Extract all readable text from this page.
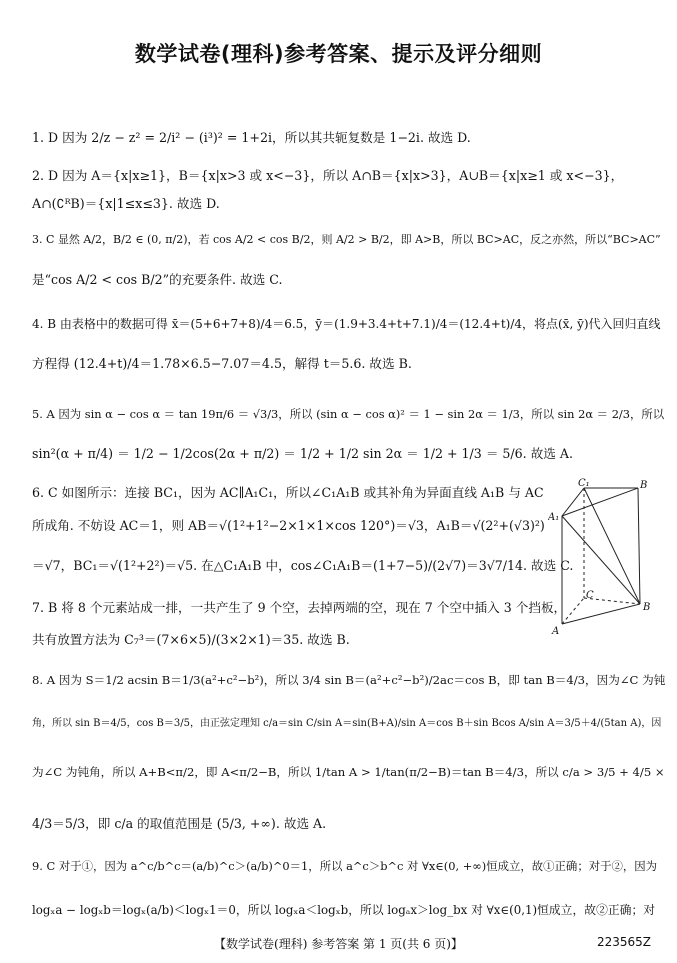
数学试卷(理科)参考答案、提示及评分细则
1. D 因为 2/z − z² = 2/i² − (i³)² = 1+2i，所以其共轭复数是 1−2i. 故选 D.
2. D 因为 A＝{x|x≥1}，B＝{x|x>3 或 x<−3}，所以 A∩B＝{x|x>3}，A∪B＝{x|x≥1 或 x<−3}，
A∩(∁ᴿB)＝{x|1≤x≤3}. 故选 D.
3. C 显然 A/2，B/2 ∈ (0, π/2)，若 cos A/2 < cos B/2，则 A/2 > B/2，即 A>B，所以 BC>AC，反之亦然，所以“BC>AC”
是“cos A/2 < cos B/2”的充要条件. 故选 C.
4. B 由表格中的数据可得 x̄＝(5+6+7+8)/4＝6.5，ȳ＝(1.9+3.4+t+7.1)/4＝(12.4+t)/4，将点(x̄, ȳ)代入回归直线
方程得 (12.4+t)/4＝1.78×6.5−7.07＝4.5，解得 t＝5.6. 故选 B.
5. A 因为 sin α − cos α ＝ tan 19π/6 ＝ √3/3，所以 (sin α − cos α)² ＝ 1 − sin 2α ＝ 1/3，所以 sin 2α ＝ 2/3，所以
sin²(α + π/4) ＝ 1/2 − 1/2cos(2α + π/2) ＝ 1/2 + 1/2 sin 2α ＝ 1/2 + 1/3 ＝ 5/6. 故选 A.
6. C 如图所示：连接 BC₁，因为 AC∥A₁C₁，所以∠C₁A₁B 或其补角为异面直线 A₁B 与 AC
所成角. 不妨设 AC＝1，则 AB＝√(1²+1²−2×1×1×cos 120°)＝√3，A₁B＝√(2²+(√3)²)
＝√7，BC₁＝√(1²+2²)＝√5. 在△C₁A₁B 中，cos∠C₁A₁B＝(1+7−5)/(2√7)＝3√7/14. 故选 C.
7. B 将 8 个元素站成一排，一共产生了 9 个空，去掉两端的空，现在 7 个空中插入 3 个挡板，
共有放置方法为 C₇³＝(7×6×5)/(3×2×1)＝35. 故选 B.
8. A 因为 S＝1/2 acsin B＝1/3(a²+c²−b²)，所以 3/4 sin B＝(a²+c²−b²)/2ac＝cos B，即 tan B＝4/3，因为∠C 为钝
角，所以 sin B＝4/5，cos B＝3/5，由正弦定理知 c/a＝sin C/sin A＝sin(B+A)/sin A＝cos B＋sin Bcos A/sin A＝3/5＋4/(5tan A)，因
为∠C 为钝角，所以 A+B<π/2，即 A<π/2−B，所以 1/tan A > 1/tan(π/2−B)＝tan B＝4/3，所以 c/a > 3/5 + 4/5 ×
4/3＝5/3，即 c/a 的取值范围是 (5/3, +∞). 故选 A.
9. C 对于①，因为 a^c/b^c＝(a/b)^c＞(a/b)^0＝1，所以 a^c＞b^c 对 ∀x∈(0, +∞)恒成立，故①正确；对于②，因为
logₓa − logₓb＝logₓ(a/b)＜logₓ1＝0，所以 logₓa＜logₓb，所以 logₐx＞log_bx 对 ∀x∈(0,1)恒成立，故②正确；对
C₁	B
A₁
C
B
A
【数学试卷(理科) 参考答案 第 1 页(共 6 页)】	223565Z
